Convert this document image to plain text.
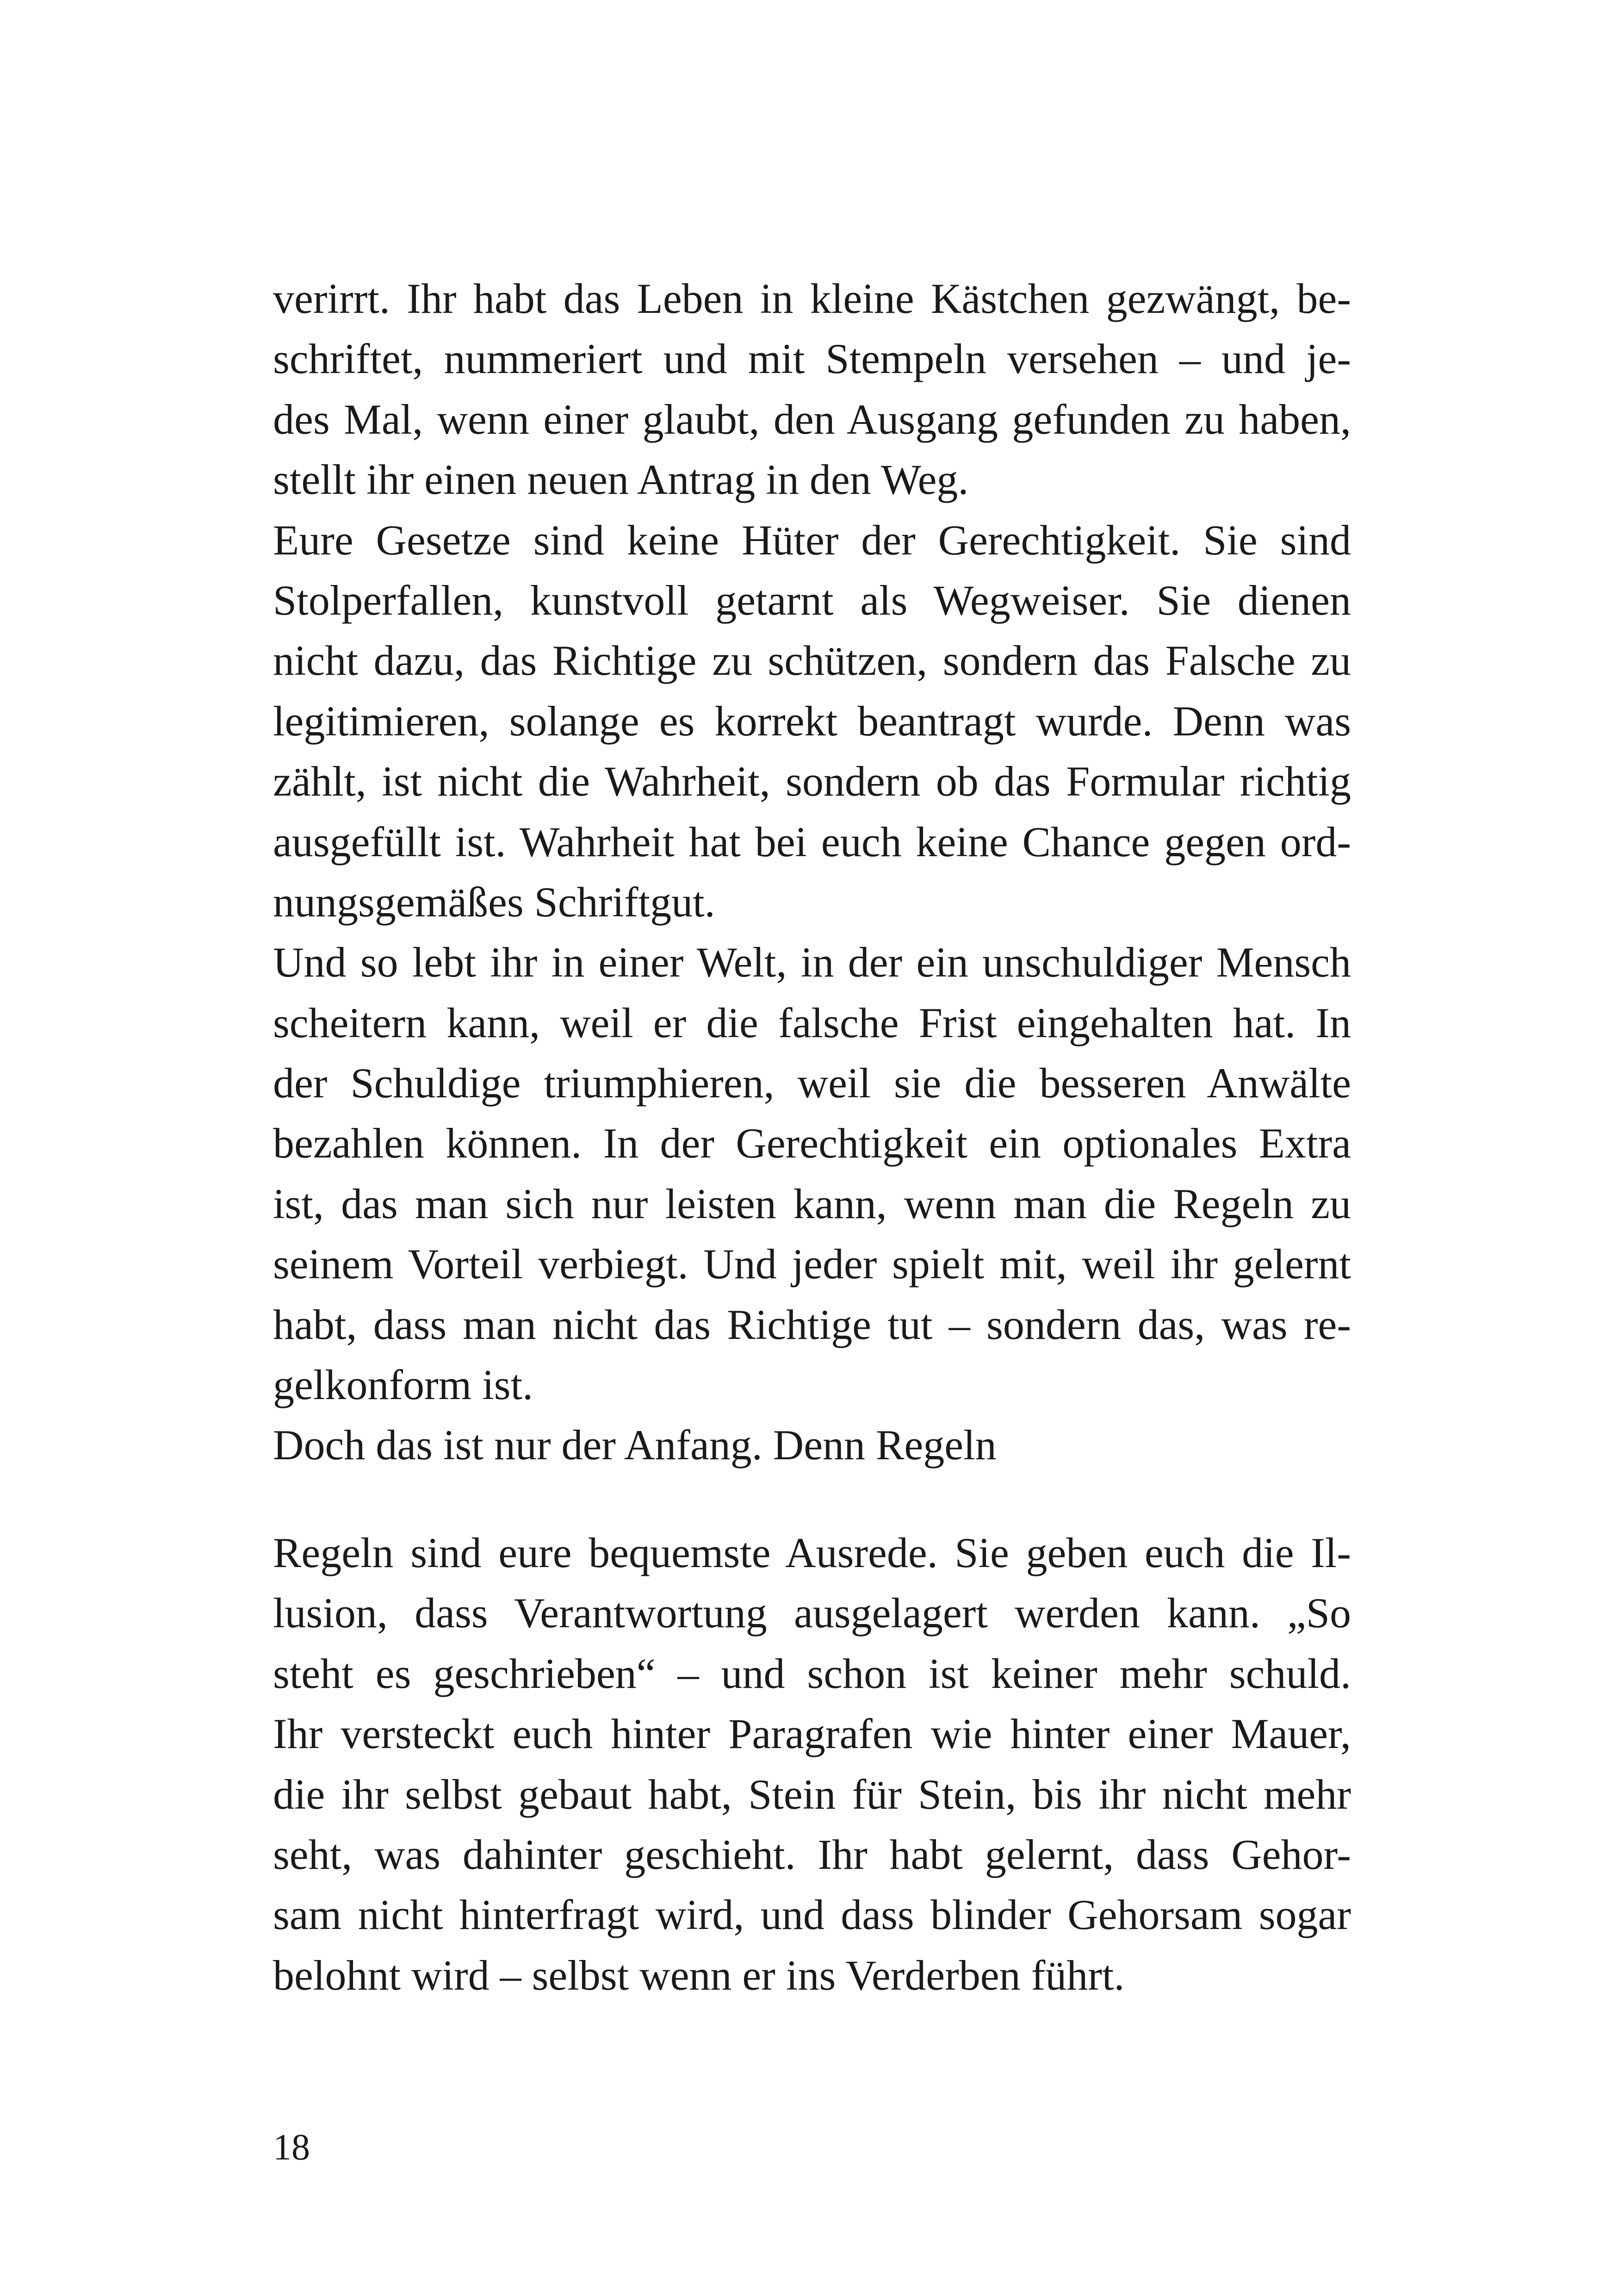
verirrt. Ihr habt das Leben in kleine Kästchen gezwängt, be-
schriftet, nummeriert und mit Stempeln versehen – und je-
des Mal, wenn einer glaubt, den Ausgang gefunden zu haben,
stellt ihr einen neuen Antrag in den Weg.
Eure Gesetze sind keine Hüter der Gerechtigkeit. Sie sind
Stolperfallen, kunstvoll getarnt als Wegweiser. Sie dienen
nicht dazu, das Richtige zu schützen, sondern das Falsche zu
legitimieren, solange es korrekt beantragt wurde. Denn was
zählt, ist nicht die Wahrheit, sondern ob das Formular richtig
ausgefüllt ist. Wahrheit hat bei euch keine Chance gegen ord-
nungsgemäßes Schriftgut.
Und so lebt ihr in einer Welt, in der ein unschuldiger Mensch
scheitern kann, weil er die falsche Frist eingehalten hat. In
der Schuldige triumphieren, weil sie die besseren Anwälte
bezahlen können. In der Gerechtigkeit ein optionales Extra
ist, das man sich nur leisten kann, wenn man die Regeln zu
seinem Vorteil verbiegt. Und jeder spielt mit, weil ihr gelernt
habt, dass man nicht das Richtige tut – sondern das, was re-
gelkonform ist.
Doch das ist nur der Anfang. Denn Regeln
Regeln sind eure bequemste Ausrede. Sie geben euch die Il-
lusion, dass Verantwortung ausgelagert werden kann. „So
steht es geschrieben“ – und schon ist keiner mehr schuld.
Ihr versteckt euch hinter Paragrafen wie hinter einer Mauer,
die ihr selbst gebaut habt, Stein für Stein, bis ihr nicht mehr
seht, was dahinter geschieht. Ihr habt gelernt, dass Gehor-
sam nicht hinterfragt wird, und dass blinder Gehorsam sogar
belohnt wird – selbst wenn er ins Verderben führt.
18
